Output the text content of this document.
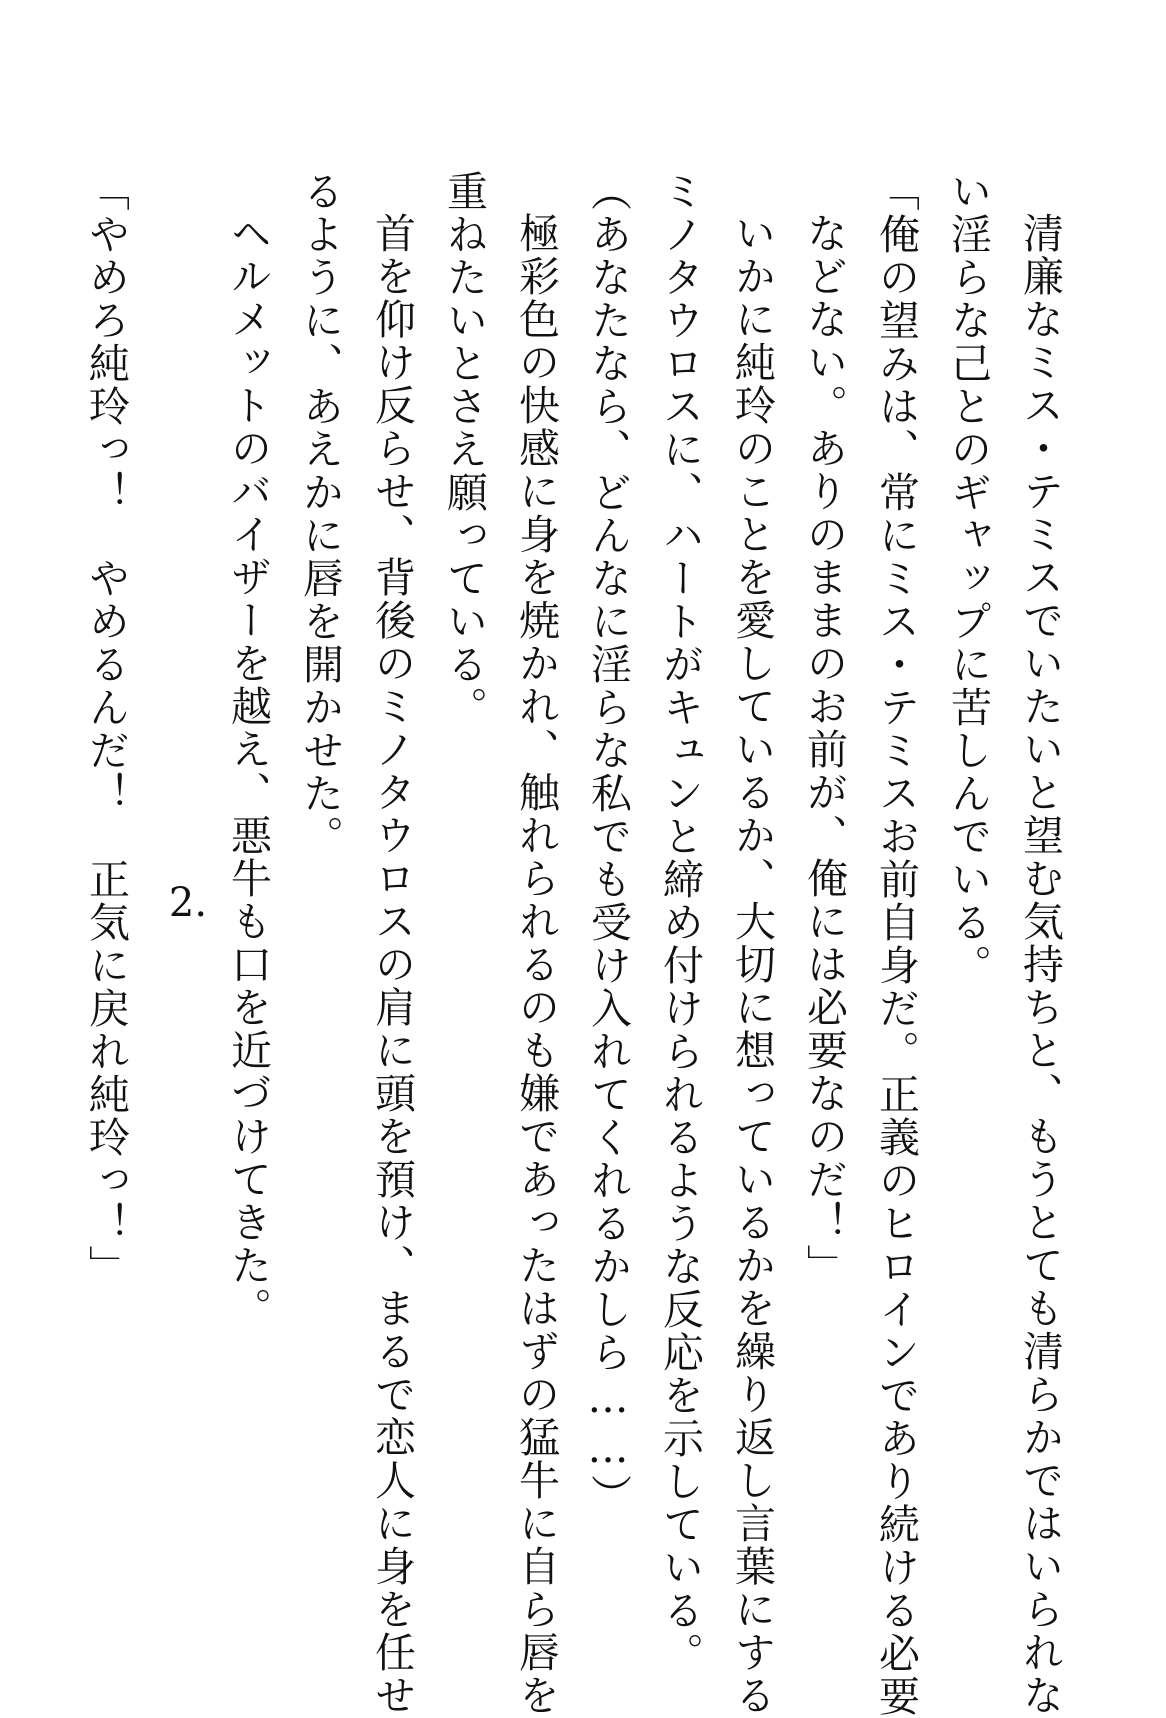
清廉なミス・テミスでいたいと望む気持ちと、もうとても清らかではいられな

い淫らな己とのギャップに苦しんでいる。

「俺の望みは、常にミス・テミスお前自身だ。正義のヒロインであり続ける必要

などない。ありのままのお前が、俺には必要なのだ！」

いかに純玲のことを愛しているか、大切に想っているかを繰り返し言葉にする

ミノタウロスに、ハートがキュンと締め付けられるような反応を示している。

（あなたなら、どんなに淫らな私でも受け入れてくれるかしら……）

極彩色の快感に身を焼かれ、触れられるのも嫌であったはずの猛牛に自ら唇を

重ねたいとさえ願っている。

首を仰け反らせ、背後のミノタウロスの肩に頭を預け、まるで恋人に身を任せ

るように、あえかに唇を開かせた。

ヘルメットのバイザーを越え、悪牛も口を近づけてきた。

「やめろ純玲っ！　やめるんだ！　正気に戻れ純玲っ！」 2.
